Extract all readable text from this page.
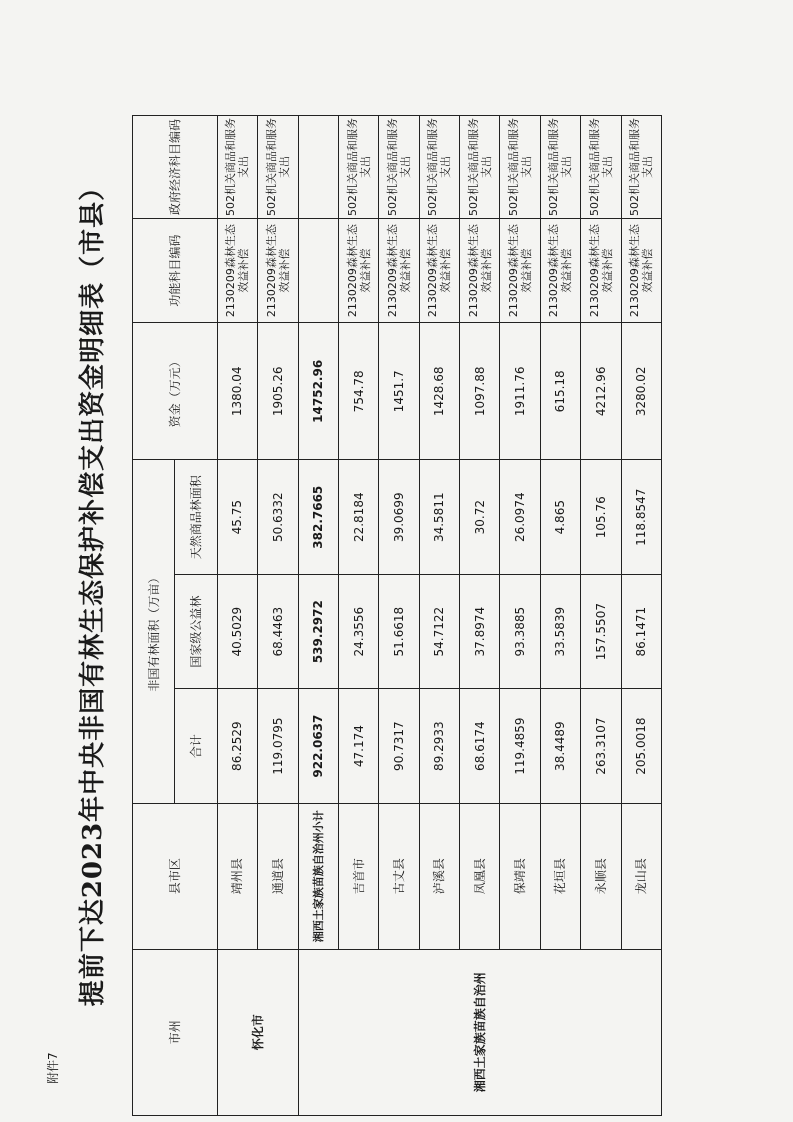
附件7
提前下达2023年中央非国有林生态保护补偿支出资金明细表（市县）
市州	县市区	非国有林面积（万亩）			资金（万元）	功能科目编码	政府经济科目编码
		合计	国家级公益林	天然商品林面积			
怀化市	靖州县	86.2529	40.5029	45.75	1380.04	2130209森林生态效益补偿	502机关商品和服务支出
	通道县	119.0795	68.4463	50.6332	1905.26	2130209森林生态效益补偿	502机关商品和服务支出
湘西土家族苗族自治州	湘西土家族苗族自治州小计	922.0637	539.2972	382.7665	14752.96		
	吉首市	47.174	24.3556	22.8184	754.78	2130209森林生态效益补偿	502机关商品和服务支出
	古丈县	90.7317	51.6618	39.0699	1451.7	2130209森林生态效益补偿	502机关商品和服务支出
	泸溪县	89.2933	54.7122	34.5811	1428.68	2130209森林生态效益补偿	502机关商品和服务支出
	凤凰县	68.6174	37.8974	30.72	1097.88	2130209森林生态效益补偿	502机关商品和服务支出
	保靖县	119.4859	93.3885	26.0974	1911.76	2130209森林生态效益补偿	502机关商品和服务支出
	花垣县	38.4489	33.5839	4.865	615.18	2130209森林生态效益补偿	502机关商品和服务支出
	永顺县	263.3107	157.5507	105.76	4212.96	2130209森林生态效益补偿	502机关商品和服务支出
	龙山县	205.0018	86.1471	118.8547	3280.02	2130209森林生态效益补偿	502机关商品和服务支出
